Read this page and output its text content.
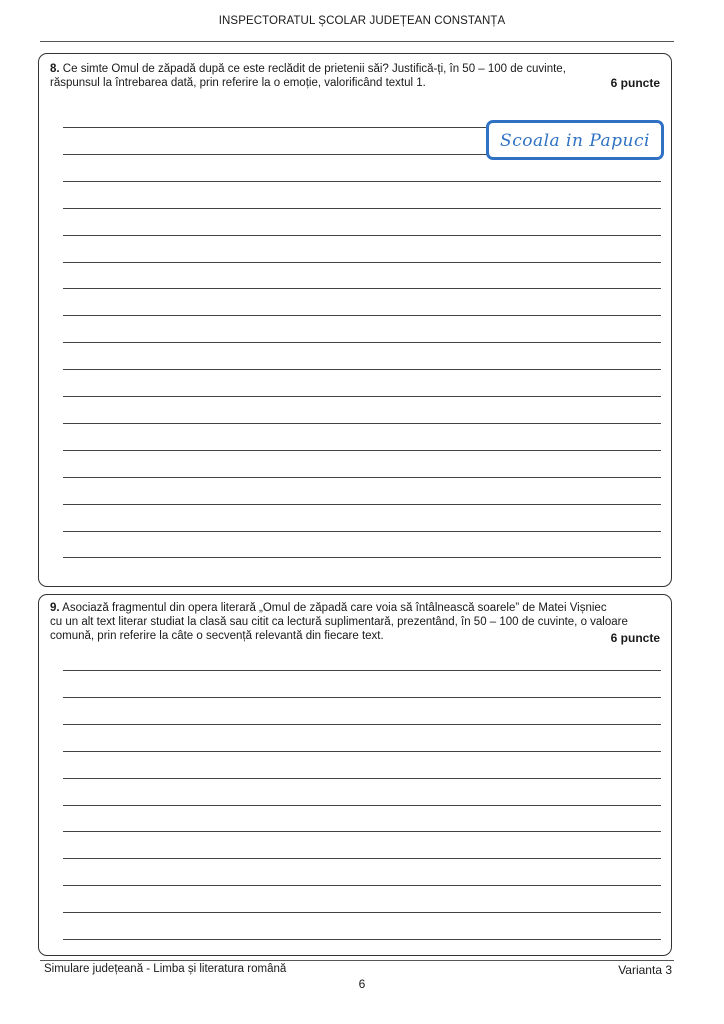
INSPECTORATUL ȘCOLAR JUDEȚEAN CONSTANȚA

8. Ce simte Omul de zăpadă după ce este reclădit de prietenii săi? Justifică-ți, în 50 – 100 de cuvinte,

răspunsul la întrebarea dată, prin referire la o emoție, valorificând textul 1.	6 puncte
Scoala in Papuci

9. Asociază fragmentul din opera literară „Omul de zăpadă care voia să întâlnească soarele” de Matei Vișniec

cu un alt text literar studiat la clasă sau citit ca lectură suplimentară, prezentând, în 50 – 100 de cuvinte, o valoare

comună, prin referire la câte o secvență relevantă din fiecare text.	6 puncte
Simulare județeană - Limba și literatura română	Varianta 3
6
